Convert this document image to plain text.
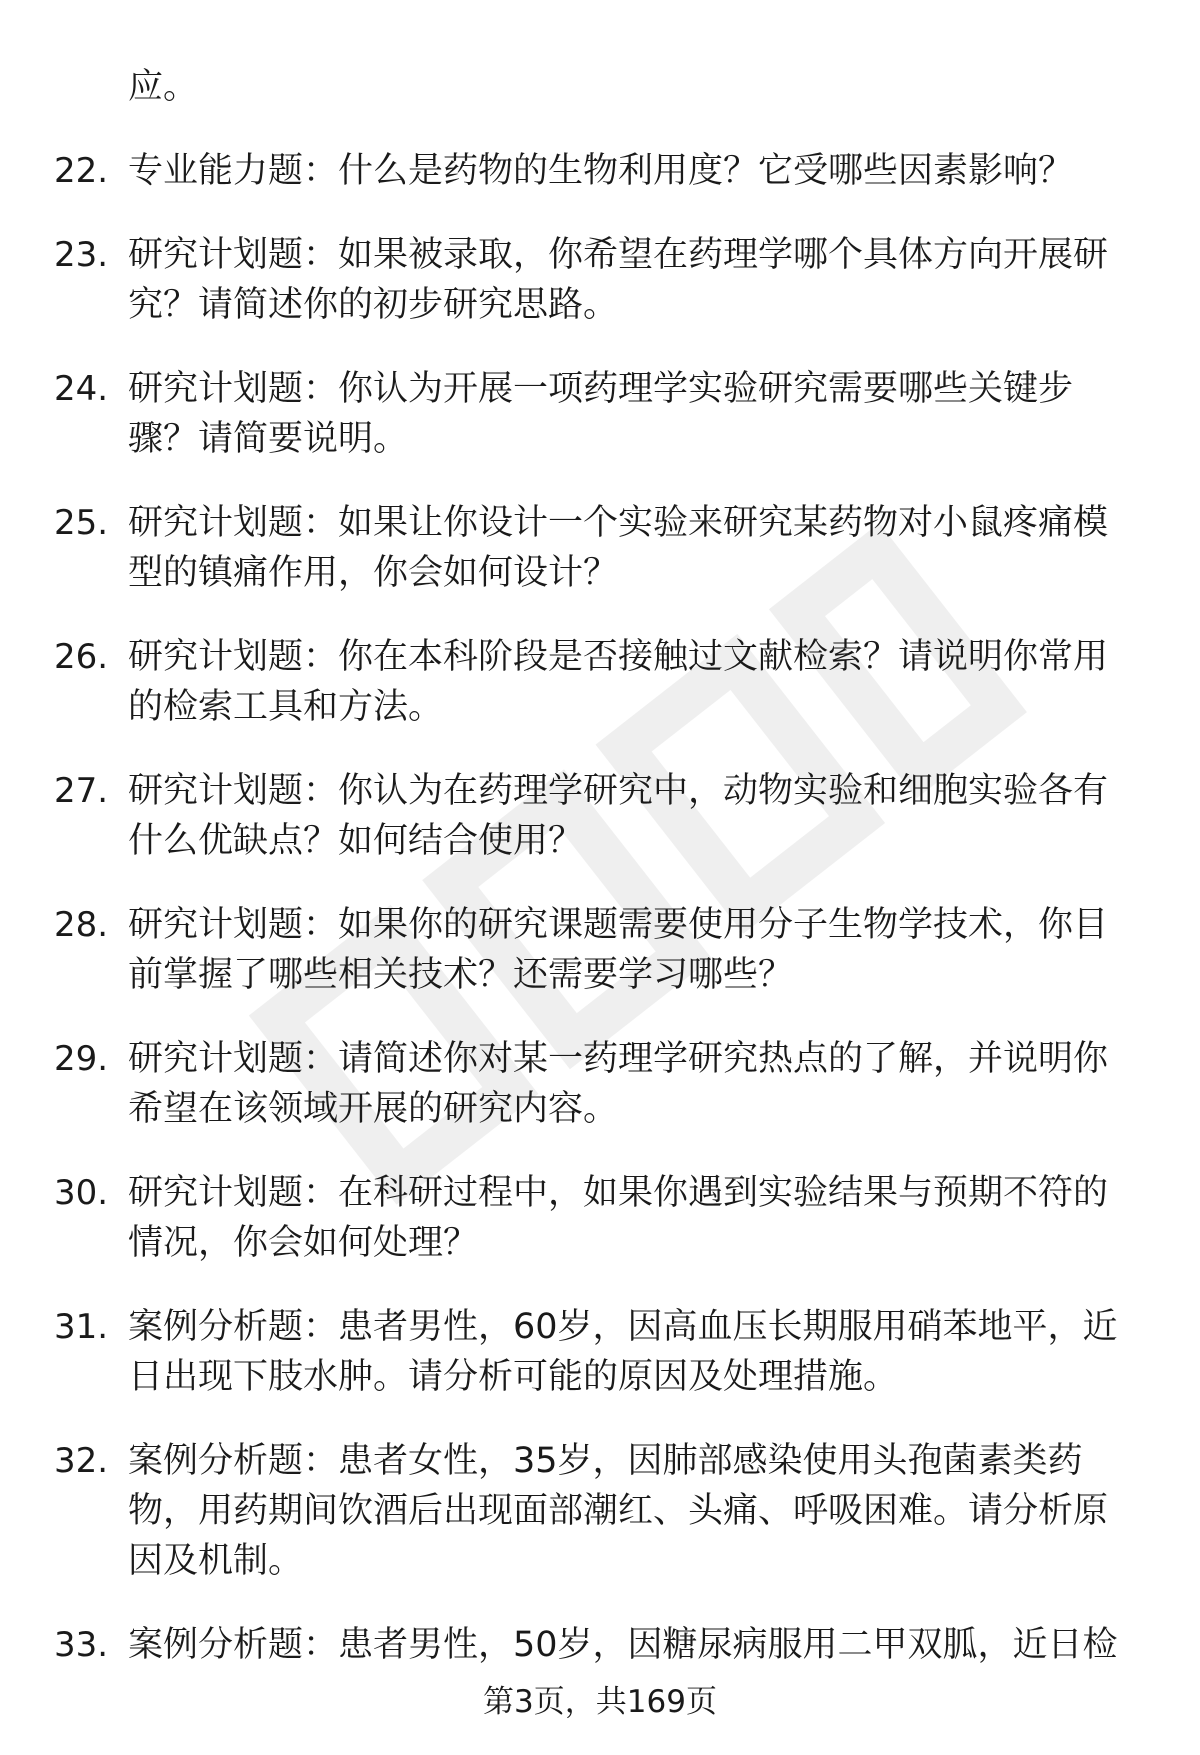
应。
22. 专业能力题：什么是药物的生物利用度？它受哪些因素影响？
23. 研究计划题：如果被录取，你希望在药理学哪个具体方向开展研
究？请简述你的初步研究思路。
24. 研究计划题：你认为开展一项药理学实验研究需要哪些关键步
骤？请简要说明。
25. 研究计划题：如果让你设计一个实验来研究某药物对小鼠疼痛模
型的镇痛作用，你会如何设计？
26. 研究计划题：你在本科阶段是否接触过文献检索？请说明你常用
的检索工具和方法。
27. 研究计划题：你认为在药理学研究中，动物实验和细胞实验各有
什么优缺点？如何结合使用？
28. 研究计划题：如果你的研究课题需要使用分子生物学技术，你目
前掌握了哪些相关技术？还需要学习哪些？
29. 研究计划题：请简述你对某一药理学研究热点的了解，并说明你
希望在该领域开展的研究内容。
30. 研究计划题：在科研过程中，如果你遇到实验结果与预期不符的
情况，你会如何处理？
31. 案例分析题：患者男性，60岁，因高血压长期服用硝苯地平，近
日出现下肢水肿。请分析可能的原因及处理措施。
32. 案例分析题：患者女性，35岁，因肺部感染使用头孢菌素类药
物，用药期间饮酒后出现面部潮红、头痛、呼吸困难。请分析原
因及机制。
33. 案例分析题：患者男性，50岁，因糖尿病服用二甲双胍，近日检
第3页，共169页
